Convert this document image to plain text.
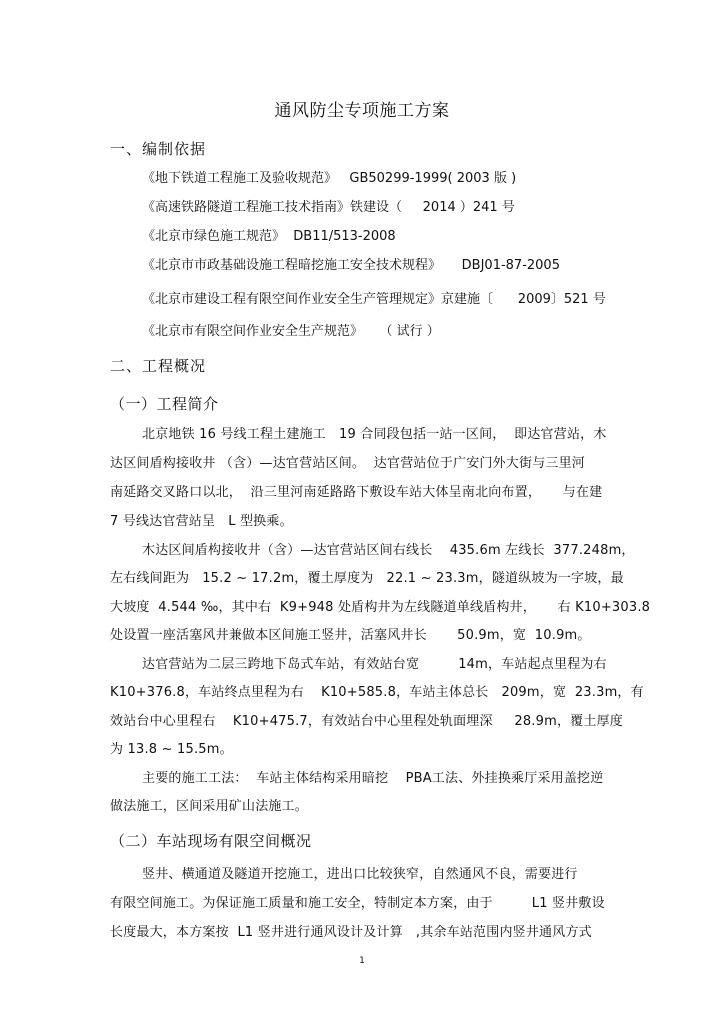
通风防尘专项施工方案
一、编制依据
《地下铁道工程施工及验收规范》   GB50299-1999( 2003 版 )
《高速铁路隧道工程施工技术指南》铁建设（     2014 ）241 号
《北京市绿色施工规范》  DB11/513-2008
《北京市市政基础设施工程暗挖施工安全技术规程》     DBJ01-87-2005
《北京市建设工程有限空间作业安全生产管理规定》京建施〔      2009〕521 号
《北京市有限空间作业安全生产规范》    （ 试行 ）
二、工程概况
（一）工程简介
北京地铁 16 号线工程土建施工   19 合同段包括一站一区间，  即达官营站，木
达区间盾构接收井 （含）—达官营站区间。  达官营站位于广安门外大街与三里河
南延路交叉路口以北，  沿三里河南延路路下敷设车站大体呈南北向布置，     与在建
7 号线达官营站呈   L 型换乘。
木达区间盾构接收井（含）—达官营站区间右线长    435.6m 左线长  377.248m，
左右线间距为   15.2 ~ 17.2m，覆土厚度为   22.1 ~ 23.3m，隧道纵坡为一字坡，最
大坡度  4.544 ‰，其中右  K9+948 处盾构井为左线隧道单线盾构井，     右 K10+303.8
处设置一座活塞风井兼做本区间施工竖井，活塞风井长       50.9m，宽  10.9m。
达官营站为二层三跨地下岛式车站，有效站台宽         14m，车站起点里程为右
K10+376.8，车站终点里程为右    K10+585.8，车站主体总长   209m，宽  23.3m，有
效站台中心里程右    K10+475.7，有效站台中心里程处轨面埋深     28.9m，覆土厚度
为 13.8 ~ 15.5m。
主要的施工工法：  车站主体结构采用暗挖    PBA工法、外挂换乘厅采用盖挖逆
做法施工，区间采用矿山法施工。
（二）车站现场有限空间概况
竖井、横通道及隧道开挖施工，进出口比较狭窄，自然通风不良，需要进行
有限空间施工。为保证施工质量和施工安全，特制定本方案，由于         L1 竖井敷设
长度最大，本方案按  L1 竖井进行通风设计及计算   ,其余车站范围内竖井通风方式
1
